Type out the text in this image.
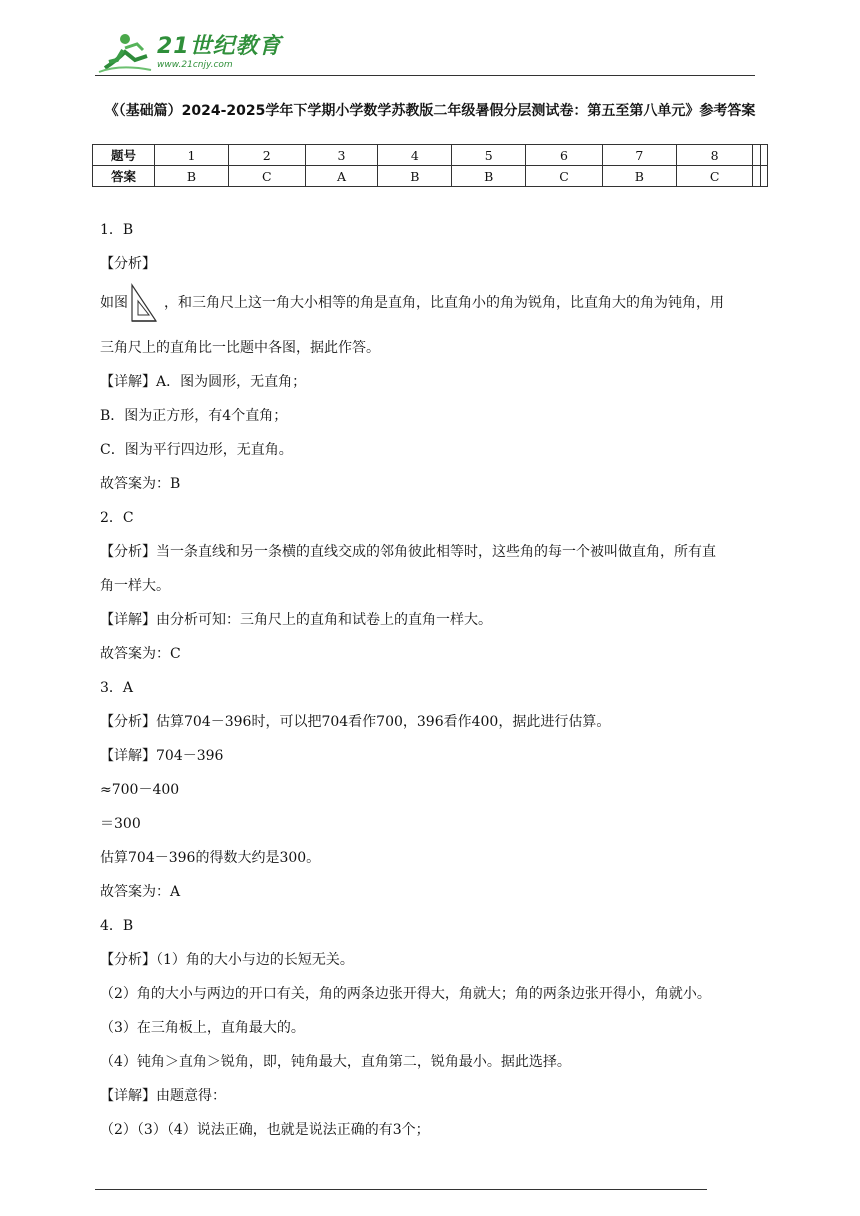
21世纪教育
www.21cnjy.com
《（基础篇）2024-2025学年下学期小学数学苏教版二年级暑假分层测试卷：第五至第八单元》参考答案
题号	1	2	3	4	5	6	7	8		
答案	B	C	A	B	B	C	B	C		
1．B
【分析】
如图	，和三角尺上这一角大小相等的角是直角，比直角小的角为锐角，比直角大的角为钝角，用
三角尺上的直角比一比题中各图，据此作答。
【详解】A．图为圆形，无直角；
B．图为正方形，有4个直角；
C．图为平行四边形，无直角。
故答案为：B
2．C
【分析】当一条直线和另一条横的直线交成的邻角彼此相等时，这些角的每一个被叫做直角，所有直
角一样大。
【详解】由分析可知：三角尺上的直角和试卷上的直角一样大。
故答案为：C
3．A
【分析】估算704－396时，可以把704看作700，396看作400，据此进行估算。
【详解】704－396
≈700－400
＝300
估算704－396的得数大约是300。
故答案为：A
4．B
【分析】（1）角的大小与边的长短无关。
（2）角的大小与两边的开口有关，角的两条边张开得大，角就大；角的两条边张开得小，角就小。
（3）在三角板上，直角最大的。
（4）钝角＞直角＞锐角，即，钝角最大，直角第二，锐角最小。据此选择。
【详解】由题意得：
（2）（3）（4）说法正确，也就是说法正确的有3个；
